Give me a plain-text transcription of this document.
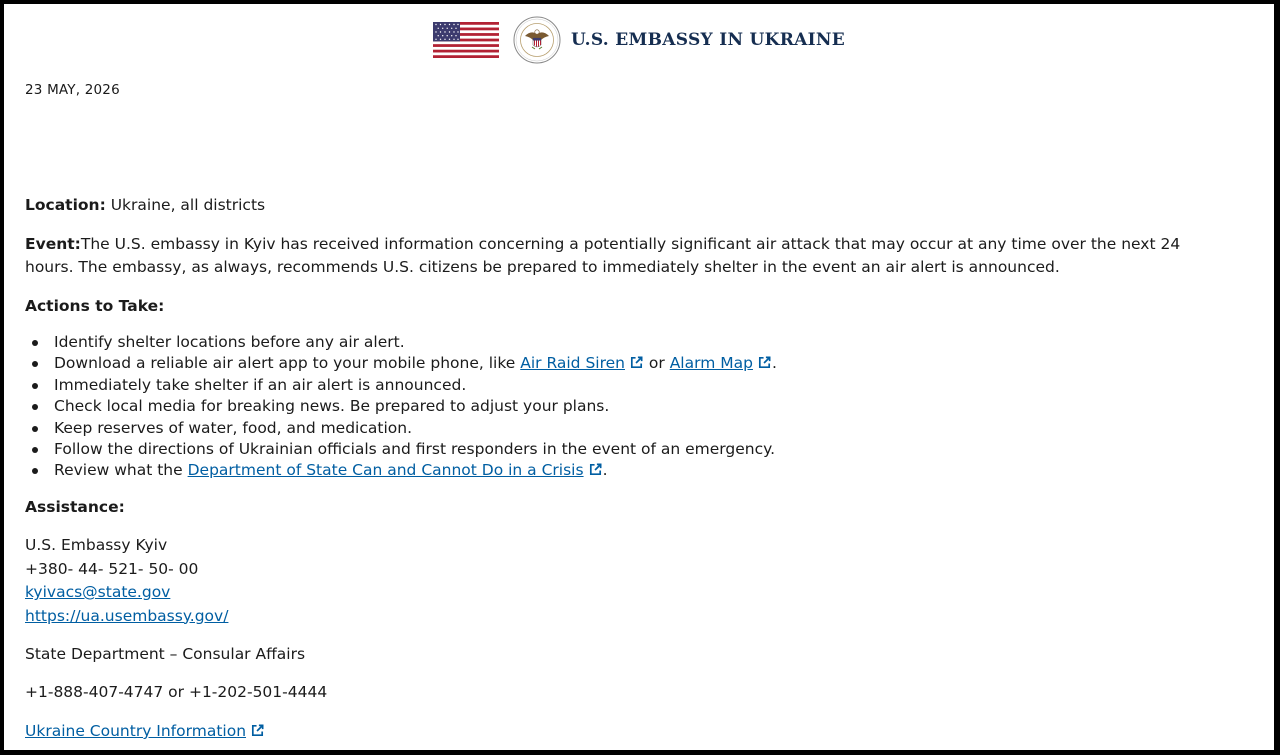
U.S. EMBASSY IN UKRAINE
23 MAY, 2026

Location: Ukraine, all districts

Event:The U.S. embassy in Kyiv has received information concerning a potentially significant air attack that may occur at any time over the next 24 hours. The embassy, as always, recommends U.S. citizens be prepared to immediately shelter in the event an air alert is announced.

Actions to Take:

Identify shelter locations before any air alert.
Download a reliable air alert app to your mobile phone, like Air Raid Siren or Alarm Map .
Immediately take shelter if an air alert is announced.
Check local media for breaking news. Be prepared to adjust your plans.
Keep reserves of water, food, and medication.
Follow the directions of Ukrainian officials and first responders in the event of an emergency.
Review what the Department of State Can and Cannot Do in a Crisis .

Assistance:

U.S. Embassy Kyiv
+380- 44- 521- 50- 00
kyivacs@state.gov
https://ua.usembassy.gov/

State Department – Consular Affairs

+1-888-407-4747 or +1-202-501-4444

Ukraine Country Information
